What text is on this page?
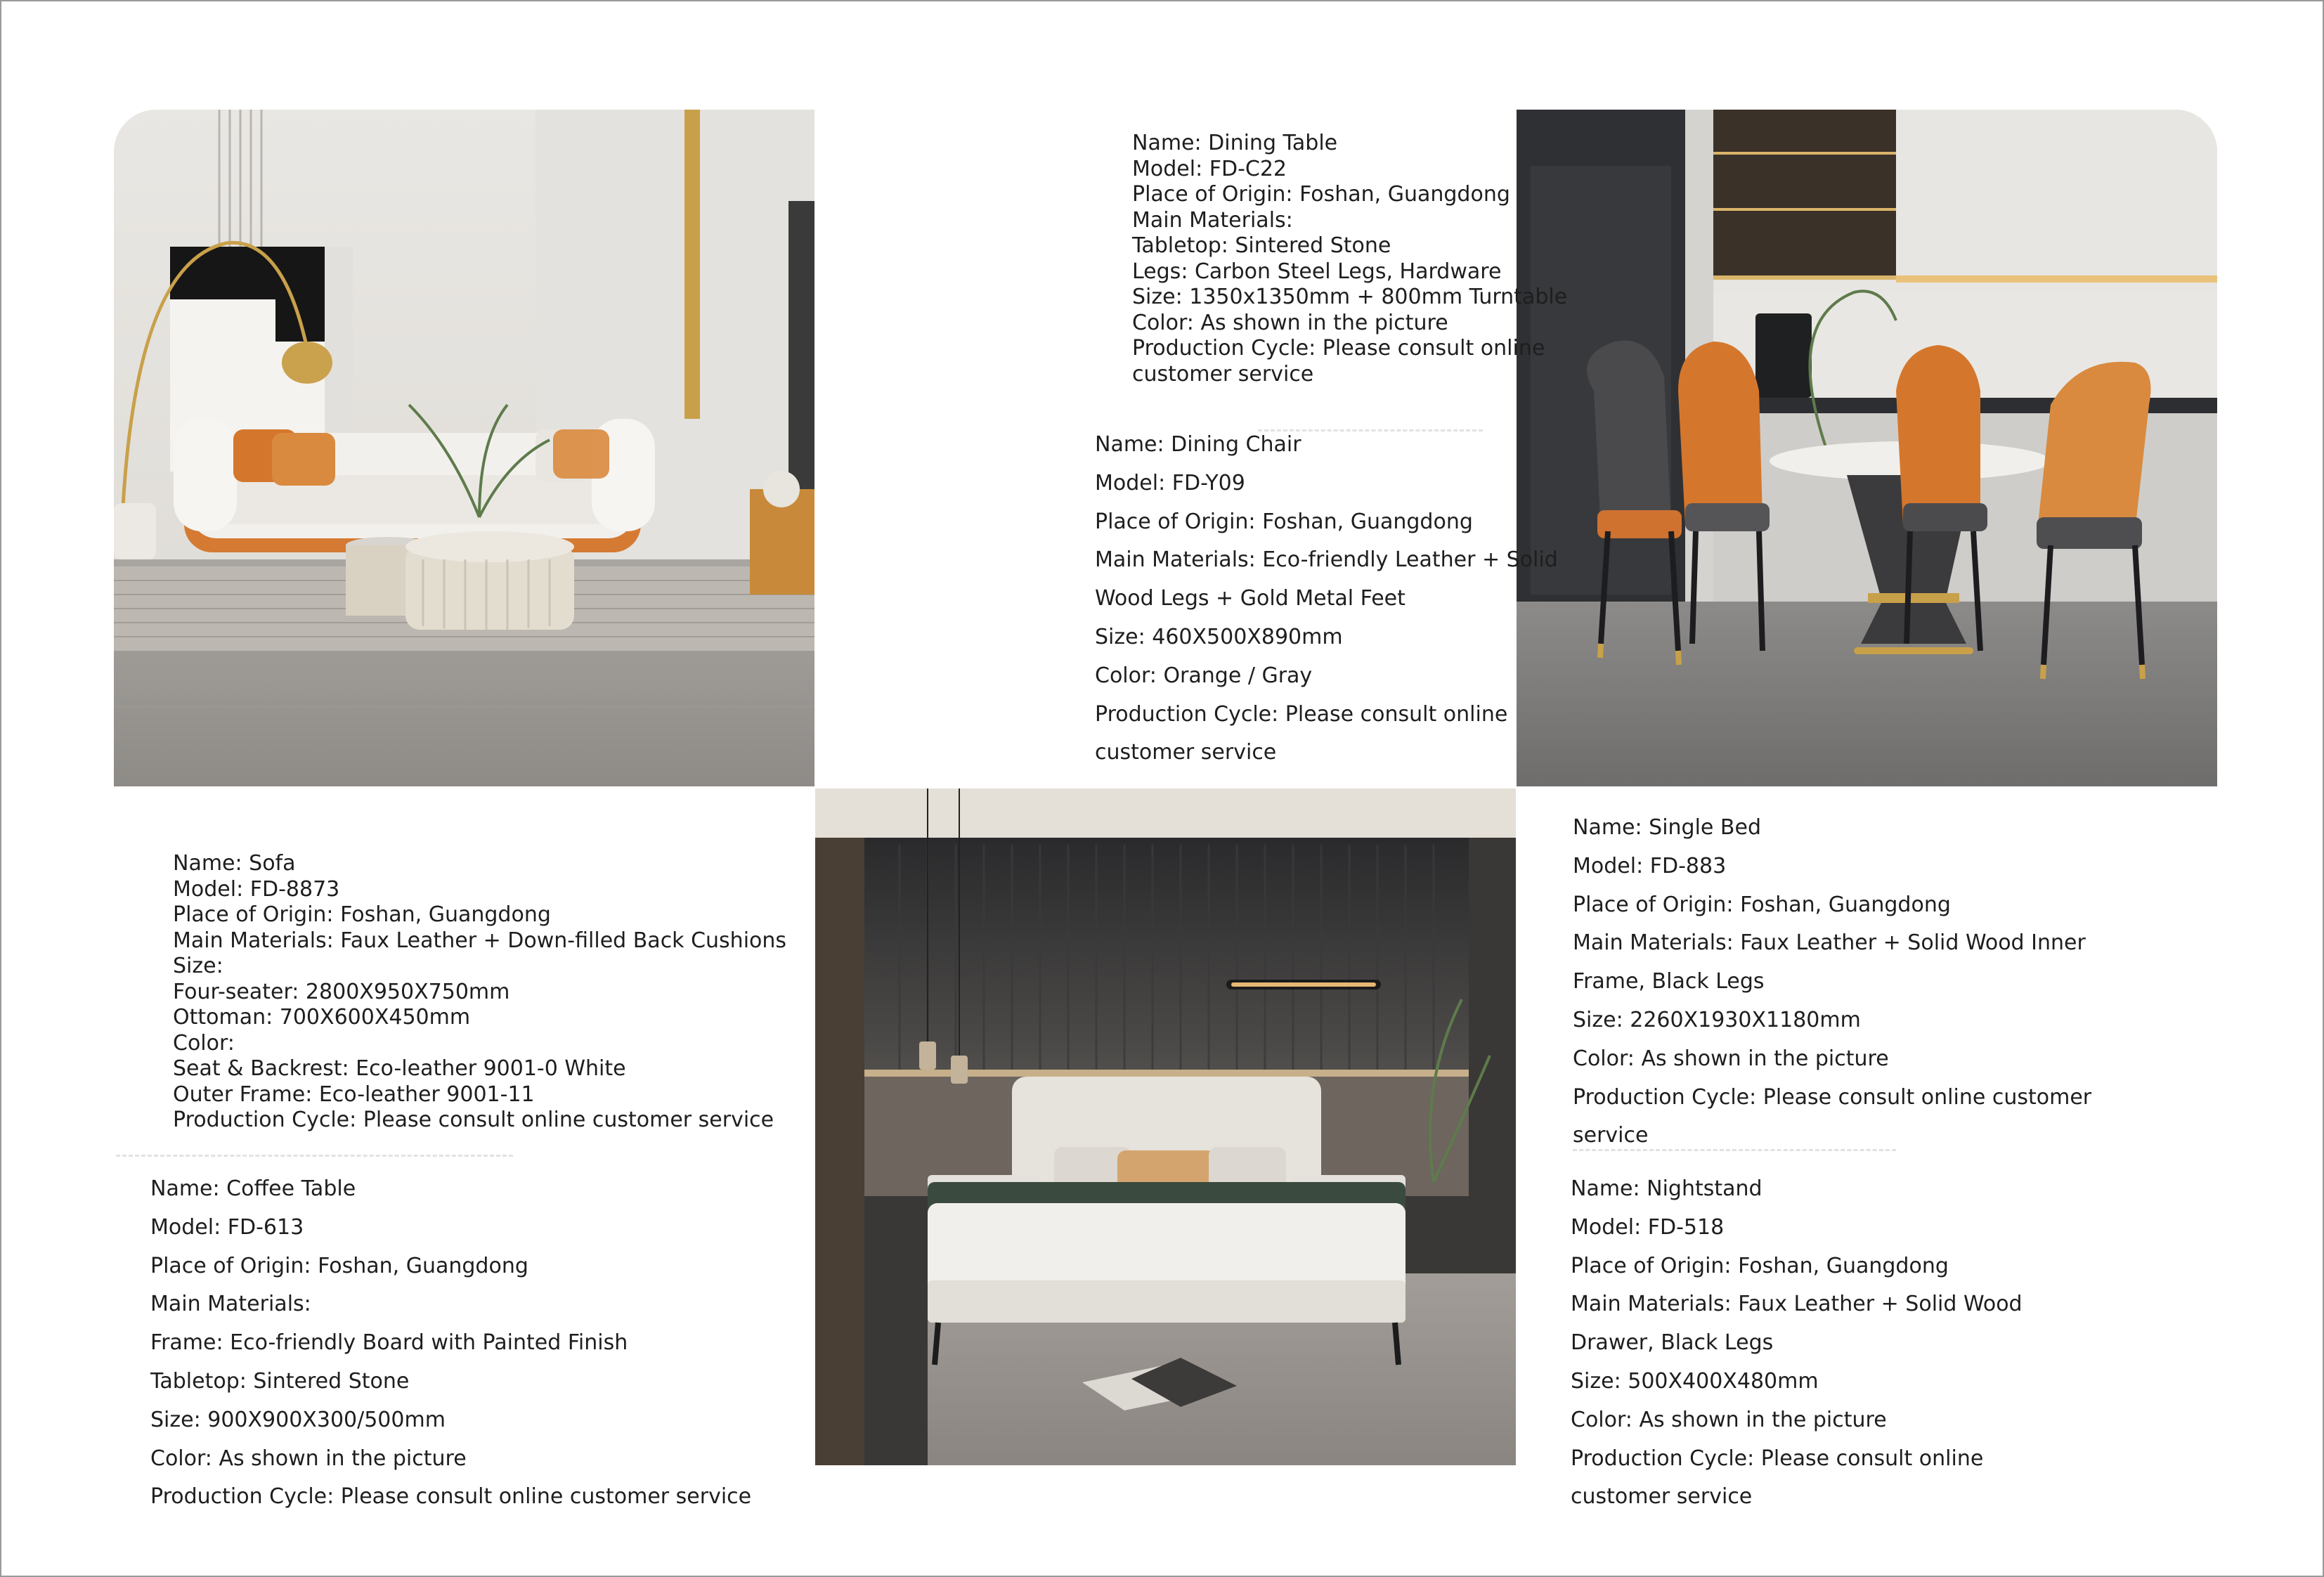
Name: Dining Table
Model: FD-C22
Place of Origin: Foshan, Guangdong
Main Materials:
Tabletop: Sintered Stone
Legs: Carbon Steel Legs, Hardware
Size: 1350x1350mm + 800mm Turntable
Color: As shown in the picture
Production Cycle: Please consult online
customer service
Name: Dining Chair
Model: FD-Y09
Place of Origin: Foshan, Guangdong
Main Materials: Eco-friendly Leather + Solid
Wood Legs + Gold Metal Feet
Size: 460X500X890mm
Color: Orange / Gray
Production Cycle: Please consult online
customer service
Name: Sofa
Model: FD-8873
Place of Origin: Foshan, Guangdong
Main Materials: Faux Leather + Down-filled Back Cushions
Size:
Four-seater: 2800X950X750mm
Ottoman: 700X600X450mm
Color:
Seat & Backrest: Eco-leather 9001-0 White
Outer Frame: Eco-leather 9001-11
Production Cycle: Please consult online customer service
Name: Coffee Table
Model: FD-613
Place of Origin: Foshan, Guangdong
Main Materials:
Frame: Eco-friendly Board with Painted Finish
Tabletop: Sintered Stone
Size: 900X900X300/500mm
Color: As shown in the picture
Production Cycle: Please consult online customer service
Name: Single Bed
Model: FD-883
Place of Origin: Foshan, Guangdong
Main Materials: Faux Leather + Solid Wood Inner
Frame, Black Legs
Size: 2260X1930X1180mm
Color: As shown in the picture
Production Cycle: Please consult online customer
service
Name: Nightstand
Model: FD-518
Place of Origin: Foshan, Guangdong
Main Materials: Faux Leather + Solid Wood
Drawer, Black Legs
Size: 500X400X480mm
Color: As shown in the picture
Production Cycle: Please consult online
customer service
